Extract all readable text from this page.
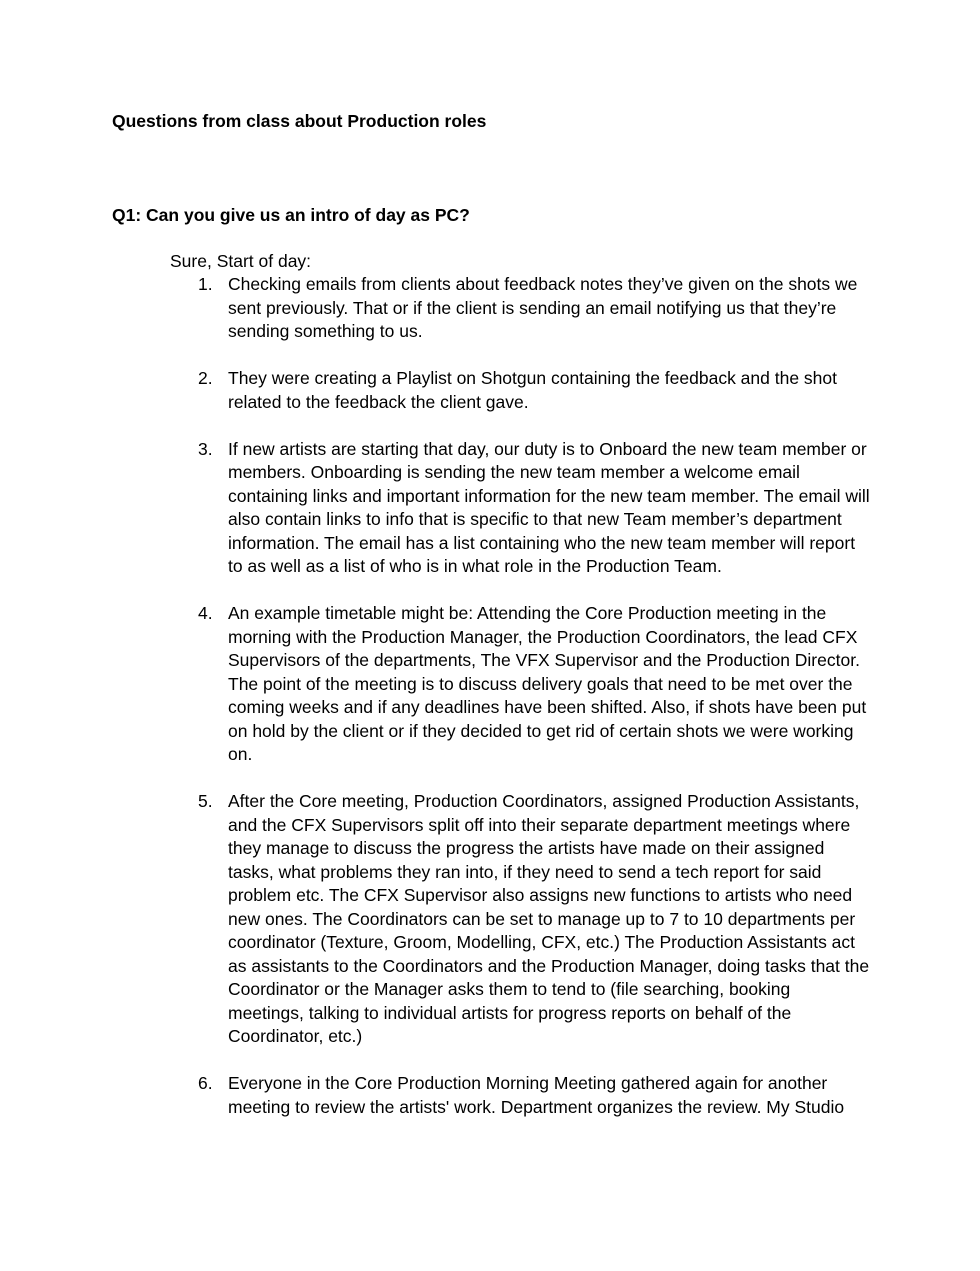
Questions from class about Production roles

Q1: Can you give us an intro of day as PC?

Sure, Start of day:

1. Checking emails from clients about feedback notes they’ve given on the shots we sent previously. That or if the client is sending an email notifying us that they’re sending something to us.
2. They were creating a Playlist on Shotgun containing the feedback and the shot related to the feedback the client gave.
3. If new artists are starting that day, our duty is to Onboard the new team member or members. Onboarding is sending the new team member a welcome email containing links and important information for the new team member. The email will also contain links to info that is specific to that new Team member’s department information. The email has a list containing who the new team member will report to as well as a list of who is in what role in the Production Team.
4. An example timetable might be: Attending the Core Production meeting in the morning with the Production Manager, the Production Coordinators, the lead CFX Supervisors of the departments, The VFX Supervisor and the Production Director. The point of the meeting is to discuss delivery goals that need to be met over the coming weeks and if any deadlines have been shifted. Also, if shots have been put on hold by the client or if they decided to get rid of certain shots we were working on.
5. After the Core meeting, Production Coordinators, assigned Production Assistants, and the CFX Supervisors split off into their separate department meetings where they manage to discuss the progress the artists have made on their assigned tasks, what problems they ran into, if they need to send a tech report for said problem etc. The CFX Supervisor also assigns new functions to artists who need new ones. The Coordinators can be set to manage up to 7 to 10 departments per coordinator (Texture, Groom, Modelling, CFX, etc.) The Production Assistants act as assistants to the Coordinators and the Production Manager, doing tasks that the Coordinator or the Manager asks them to tend to (file searching, booking meetings, talking to individual artists for progress reports on behalf of the Coordinator, etc.)
6. Everyone in the Core Production Morning Meeting gathered again for another meeting to review the artists' work. Department organizes the review. My Studio
